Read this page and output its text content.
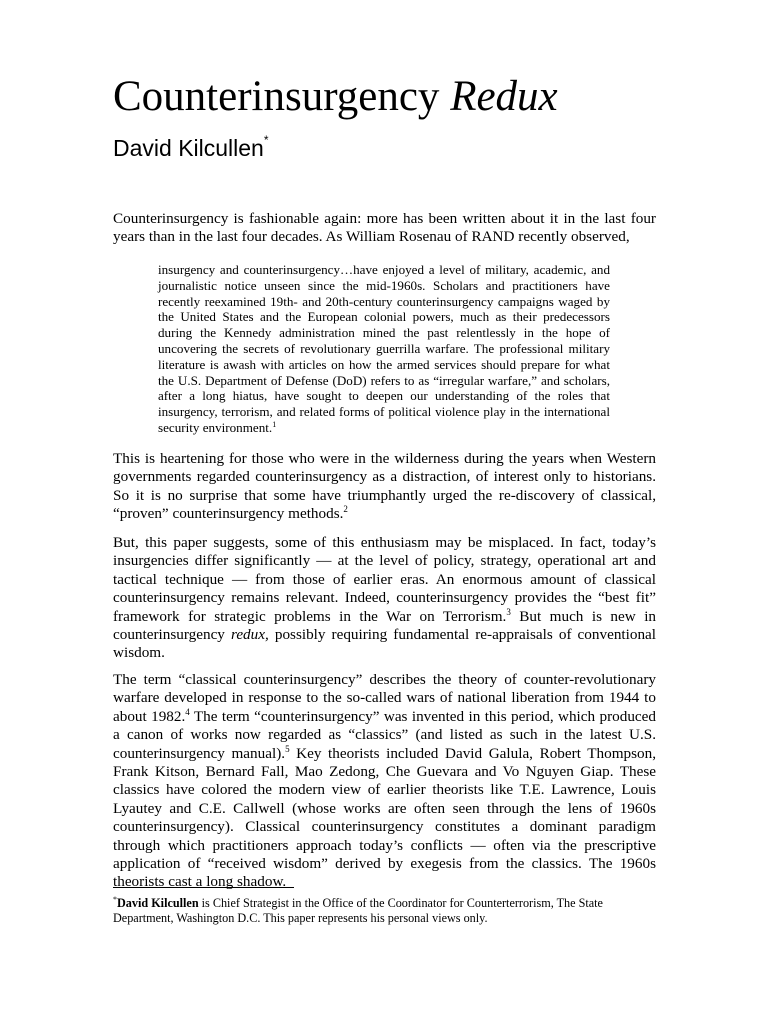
Counterinsurgency Redux
David Kilcullen*

Counterinsurgency is fashionable again: more has been written about it in the last four years than in the last four decades. As William Rosenau of RAND recently observed,

insurgency and counterinsurgency…have enjoyed a level of military, academic, and journalistic notice unseen since the mid-1960s. Scholars and practitioners have recently reexamined 19th- and 20th-century counterinsurgency campaigns waged by the United States and the European colonial powers, much as their predecessors during the Kennedy administration mined the past relentlessly in the hope of uncovering the secrets of revolutionary guerrilla warfare. The professional military literature is awash with articles on how the armed services should prepare for what the U.S. Department of Defense (DoD) refers to as “irregular warfare,” and scholars, after a long hiatus, have sought to deepen our understanding of the roles that insurgency, terrorism, and related forms of political violence play in the international security environment.$^1$

This is heartening for those who were in the wilderness during the years when Western governments regarded counterinsurgency as a distraction, of interest only to historians. So it is no surprise that some have triumphantly urged the re-discovery of classical, “proven” counterinsurgency methods.$^2$

But, this paper suggests, some of this enthusiasm may be misplaced. In fact, today’s insurgencies differ significantly — at the level of policy, strategy, operational art and tactical technique — from those of earlier eras. An enormous amount of classical counterinsurgency remains relevant. Indeed, counterinsurgency provides the “best fit” framework for strategic problems in the War on Terrorism.$^3$ But much is new in counterinsurgency redux, possibly requiring fundamental re-appraisals of conventional wisdom.

The term “classical counterinsurgency” describes the theory of counter-revolutionary warfare developed in response to the so-called wars of national liberation from 1944 to about 1982.$^4$ The term “counterinsurgency” was invented in this period, which produced a canon of works now regarded as “classics” (and listed as such in the latest U.S. counterinsurgency manual).$^5$ Key theorists included David Galula, Robert Thompson, Frank Kitson, Bernard Fall, Mao Zedong, Che Guevara and Vo Nguyen Giap. These classics have colored the modern view of earlier theorists like T.E. Lawrence, Louis Lyautey and C.E. Callwell (whose works are often seen through the lens of 1960s counterinsurgency). Classical counterinsurgency constitutes a dominant paradigm through which practitioners approach today’s conflicts — often via the prescriptive application of “received wisdom” derived by exegesis from the classics. The 1960s theorists cast a long shadow.

*David Kilcullen is Chief Strategist in the Office of the Coordinator for Counterterrorism, The State Department, Washington D.C. This paper represents his personal views only.
